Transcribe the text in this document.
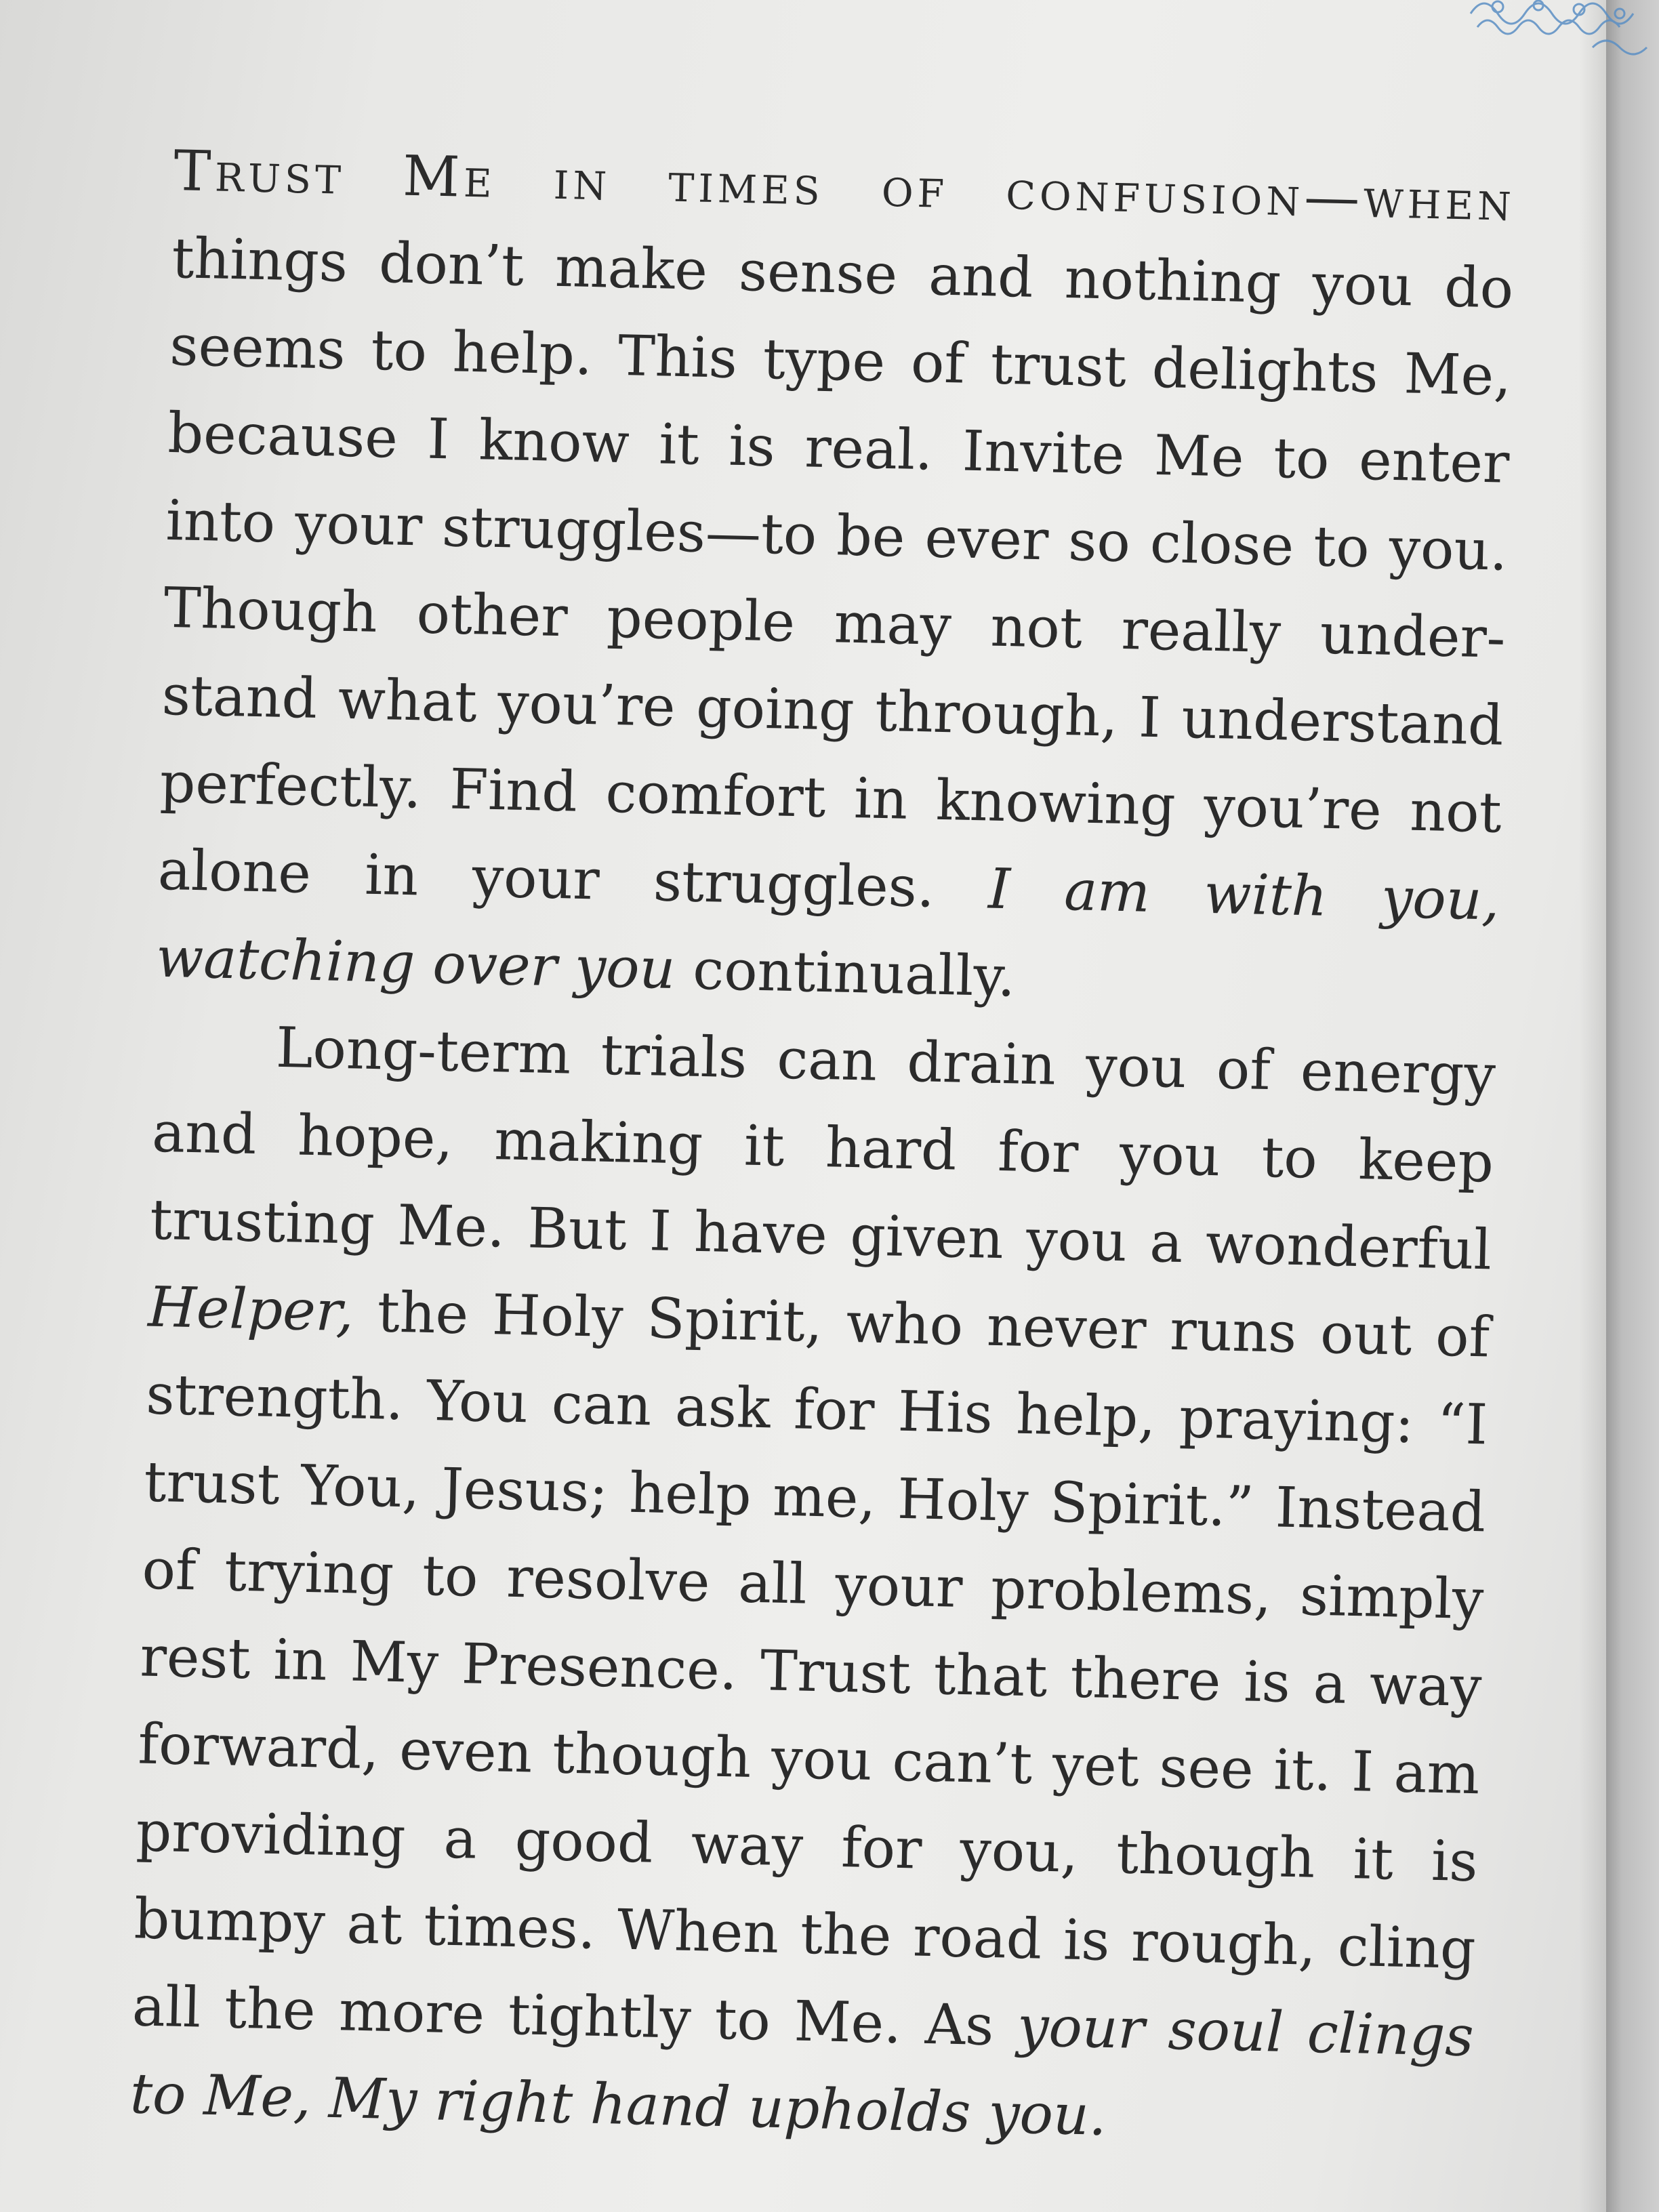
Trust Me in times of confusion—when things don’t make sense and nothing you do seems to help. This type of trust delights Me, because I know it is real. Invite Me to enter into your struggles—to be ever so close to you. Though other people may not really understand what you’re going through, I understand perfectly. Find comfort in knowing you’re not alone in your struggles. I am with you, watching over you continually.

Long-term trials can drain you of energy and hope, making it hard for you to keep trusting Me. But I have given you a wonderful Helper, the Holy Spirit, who never runs out of strength. You can ask for His help, praying: “I trust You, Jesus; help me, Holy Spirit.” Instead of trying to resolve all your problems, simply rest in My Presence. Trust that there is a way forward, even though you can’t yet see it. I am providing a good way for you, though it is bumpy at times. When the road is rough, cling all the more tightly to Me. As your soul clings to Me, My right hand upholds you.
